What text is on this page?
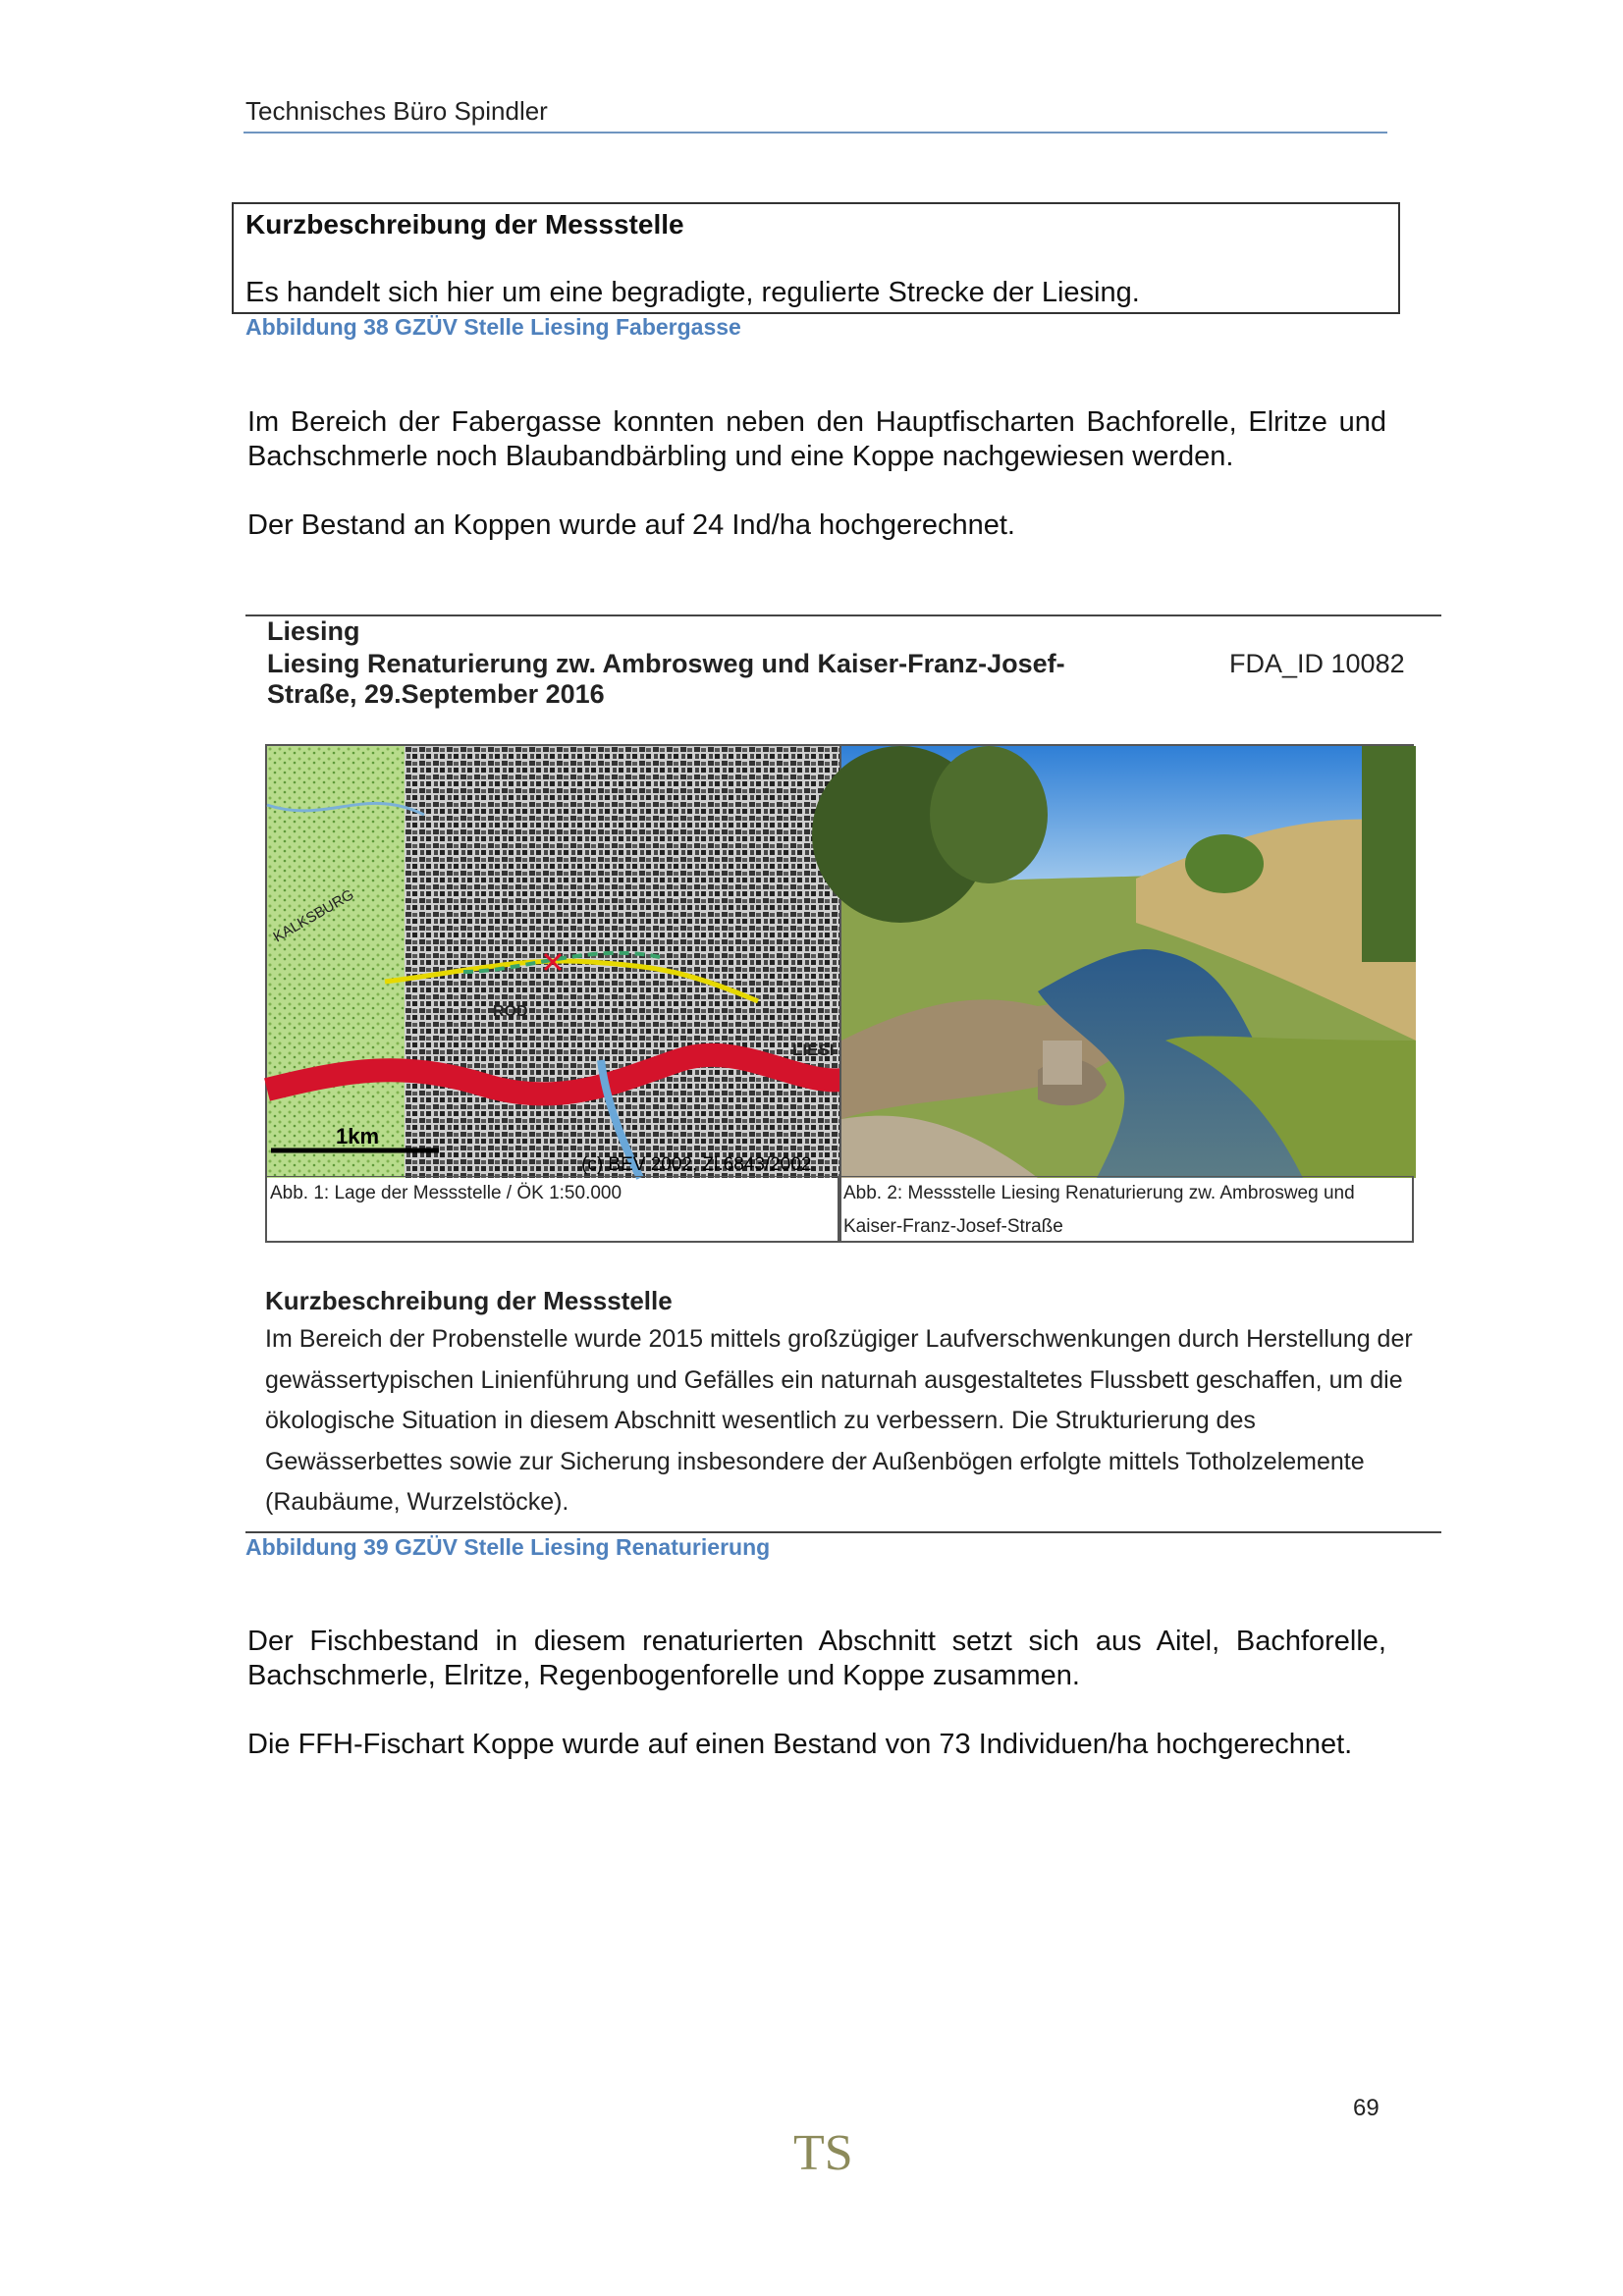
Technisches Büro Spindler
Kurzbeschreibung der Messstelle
Es handelt sich hier um eine begradigte, regulierte Strecke der Liesing.
Abbildung 38 GZÜV Stelle Liesing Fabergasse
Im Bereich der Fabergasse konnten neben den Hauptfischarten Bachforelle, Elritze und Bachschmerle noch Blaubandbärbling und eine Koppe nachgewiesen werden.
Der Bestand an Koppen wurde auf 24 Ind/ha hochgerechnet.
Liesing
Liesing Renaturierung zw. Ambrosweg und Kaiser-Franz-Josef-Straße, 29.September 2016
FDA_ID 10082
1km
(c) BEV 2002, Zl.6843/2002
KALKSBURG
ROD
LIESI
Abb. 1: Lage der Messstelle / ÖK 1:50.000	Abb. 2: Messstelle Liesing Renaturierung zw. Ambrosweg und
Kaiser-Franz-Josef-Straße
Kurzbeschreibung der Messstelle
Im Bereich der Probenstelle wurde 2015 mittels großzügiger Laufverschwenkungen durch Herstellung der gewässertypischen Linienführung und Gefälles ein naturnah ausgestaltetes Flussbett geschaffen, um die ökologische Situation in diesem Abschnitt wesentlich zu verbessern. Die Strukturierung des Gewässerbettes sowie zur Sicherung insbesondere der Außenbögen erfolgte mittels Totholzelemente (Raubäume, Wurzelstöcke).
Abbildung 39 GZÜV Stelle Liesing Renaturierung
Der Fischbestand in diesem renaturierten Abschnitt setzt sich aus Aitel, Bachforelle, Bachschmerle, Elritze, Regenbogenforelle und Koppe zusammen.
Die FFH-Fischart Koppe wurde auf einen Bestand von 73 Individuen/ha hochgerechnet.
69
TS
